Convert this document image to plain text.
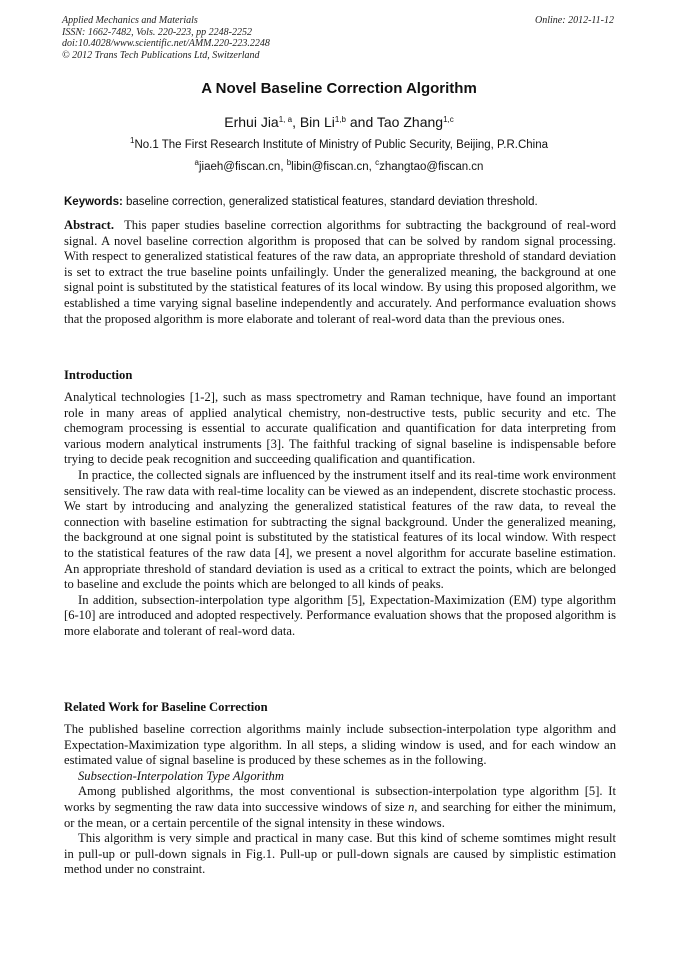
Applied Mechanics and Materials
ISSN: 1662-7482, Vols. 220-223, pp 2248-2252
doi:10.4028/www.scientific.net/AMM.220-223.2248
© 2012 Trans Tech Publications Ltd, Switzerland
Online: 2012-11-12
A Novel Baseline Correction Algorithm
Erhui Jia$^{1, a}$, Bin Li$^{1,b}$ and Tao Zhang$^{1,c}$
$^1$No.1 The First Research Institute of Ministry of Public Security, Beijing, P.R.China
$^a$jiaeh@fiscan.cn, $^b$libin@fiscan.cn, $^c$zhangtao@fiscan.cn
Keywords: baseline correction, generalized statistical features, standard deviation threshold.

Abstract. This paper studies baseline correction algorithms for subtracting the background of real-word signal. A novel baseline correction algorithm is proposed that can be solved by random signal processing. With respect to generalized statistical features of the raw data, an appropriate threshold of standard deviation is set to extract the true baseline points unfailingly. Under the generalized meaning, the background at one signal point is substituted by the statistical features of its local window. By using this proposed algorithm, we established a time varying signal baseline independently and accurately. And performance evaluation shows that the proposed algorithm is more elaborate and tolerant of real-word data than the previous ones.

Introduction

Analytical technologies [1-2], such as mass spectrometry and Raman technique, have found an important role in many areas of applied analytical chemistry, non-destructive tests, public security and etc. The chemogram processing is essential to accurate qualification and quantification for data interpreting from various modern analytical instruments [3]. The faithful tracking of signal baseline is indispensable before trying to decide peak recognition and succeeding qualification and quantification.

In practice, the collected signals are influenced by the instrument itself and its real-time work environment sensitively. The raw data with real-time locality can be viewed as an independent, discrete stochastic process. We start by introducing and analyzing the generalized statistical features of the raw data, to reveal the connection with baseline estimation for subtracting the signal background. Under the generalized meaning, the background at one signal point is substituted by the statistical features of its local window. With respect to the statistical features of the raw data [4], we present a novel algorithm for accurate baseline estimation. An appropriate threshold of standard deviation is used as a critical to extract the points, which are belonged to baseline and exclude the points which are belonged to all kinds of peaks.

In addition, subsection-interpolation type algorithm [5], Expectation-Maximization (EM) type algorithm [6-10] are introduced and adopted respectively. Performance evaluation shows that the proposed algorithm is more elaborate and tolerant of real-word data.

Related Work for Baseline Correction

The published baseline correction algorithms mainly include subsection-interpolation type algorithm and Expectation-Maximization type algorithm. In all steps, a sliding window is used, and for each window an estimated value of signal baseline is produced by these schemes as in the following.

Subsection-Interpolation Type Algorithm

Among published algorithms, the most conventional is subsection-interpolation type algorithm [5]. It works by segmenting the raw data into successive windows of size n, and searching for either the minimum, or the mean, or a certain percentile of the signal intensity in these windows.

This algorithm is very simple and practical in many case. But this kind of scheme somtimes might result in pull-up or pull-down signals in Fig.1. Pull-up or pull-down signals are caused by simplistic estimation method under no constraint.
